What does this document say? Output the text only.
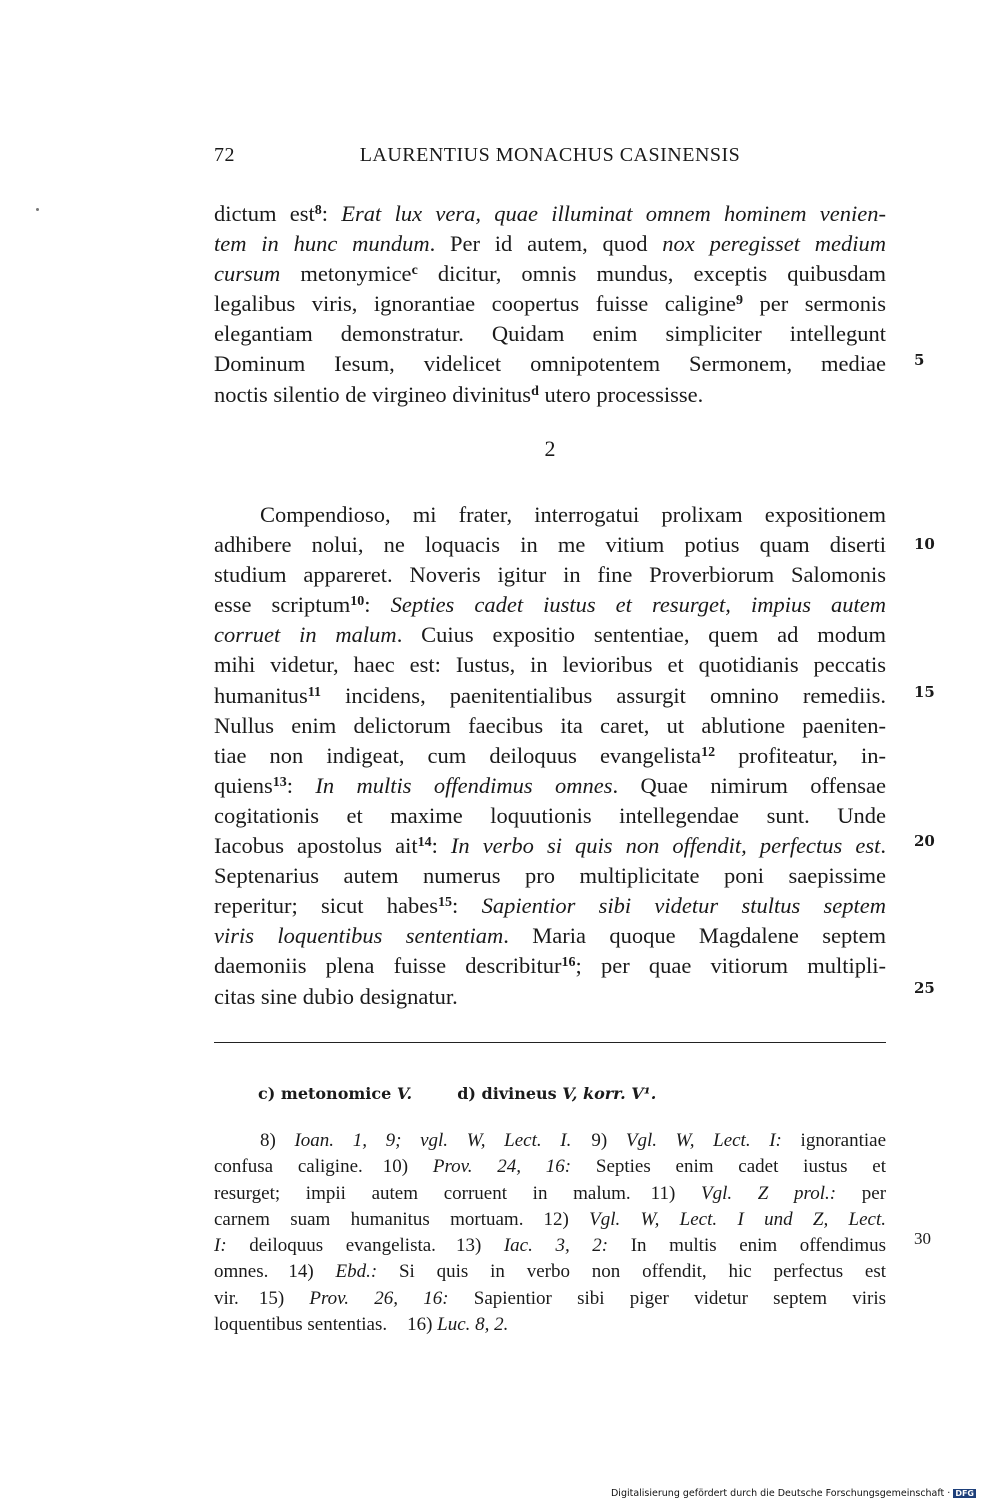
72	LAURENTIUS MONACHUS CASINENSIS
dictum est$^8$: Erat lux vera, quae illuminat omnem hominem venien-
tem in hunc mundum. Per id autem, quod nox peregisset medium
cursum metonymice$^c$ dicitur, omnis mundus, exceptis quibusdam
legalibus viris, ignorantiae coopertus fuisse caligine$^9$ per sermonis
elegantiam demonstratur. Quidam enim simpliciter intellegunt
Dominum Iesum, videlicet omnipotentem Sermonem, mediae
noctis silentio de virgineo divinitus$^d$ utero processisse.
2
Compendioso, mi frater, interrogatui prolixam expositionem
adhibere nolui, ne loquacis in me vitium potius quam diserti
studium appareret. Noveris igitur in fine Proverbiorum Salomonis
esse scriptum$^{10}$: Septies cadet iustus et resurget, impius autem
corruet in malum. Cuius expositio sententiae, quem ad modum
mihi videtur, haec est: Iustus, in levioribus et quotidianis peccatis
humanitus$^{11}$ incidens, paenitentialibus assurgit omnino remediis.
Nullus enim delictorum faecibus ita caret, ut ablutione paeniten-
tiae non indigeat, cum deiloquus evangelista$^{12}$ profiteatur, in-
quiens$^{13}$: In multis offendimus omnes. Quae nimirum offensae
cogitationis et maxime loquutionis intellegendae sunt. Unde
Iacobus apostolus ait$^{14}$: In verbo si quis non offendit, perfectus est.
Septenarius autem numerus pro multiplicitate poni saepissime
reperitur; sicut habes$^{15}$: Sapientior sibi videtur stultus septem
viris loquentibus sententiam. Maria quoque Magdalene septem
daemoniis plena fuisse describitur$^{16}$; per quae vitiorum multipli-
citas sine dubio designatur.
5
10
15
20
25
30
c) metonomice V.	d) divineus V, korr. V¹.
8) Ioan. 1, 9; vgl. W, Lect. I. 9) Vgl. W, Lect. I: ignorantiae
confusa caligine. 10) Prov. 24, 16: Septies enim cadet iustus et
resurget; impii autem corruent in malum. 11) Vgl. Z prol.: per
carnem suam humanitus mortuam. 12) Vgl. W, Lect. I und Z, Lect.
I: deiloquus evangelista. 13) Iac. 3, 2: In multis enim offendimus
omnes. 14) Ebd.: Si quis in verbo non offendit, hic perfectus est
vir. 15) Prov. 26, 16: Sapientior sibi piger videtur septem viris
loquentibus sententias. 16) Luc. 8, 2.
Digitalisierung gefördert durch die Deutsche Forschungsgemeinschaft · DFG
